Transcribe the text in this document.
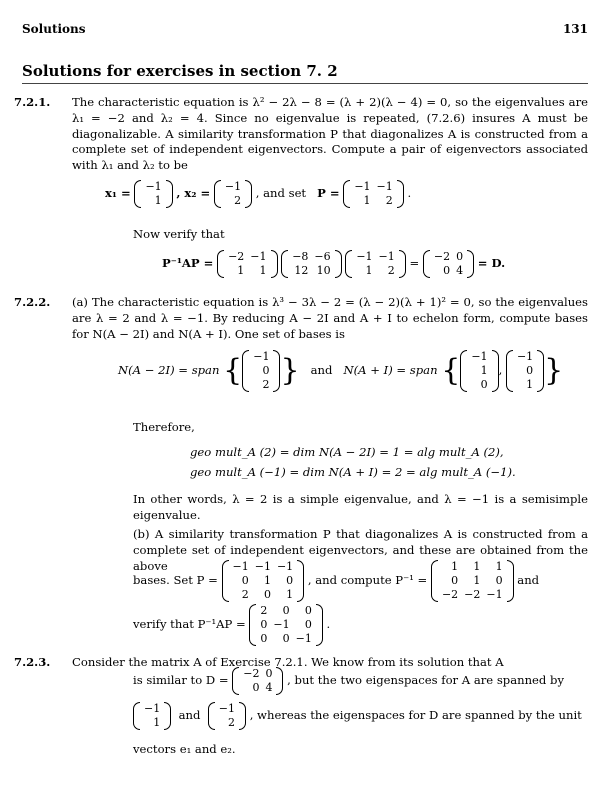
Solutions	131
Solutions for exercises in section 7. 2
7.2.1. The characteristic equation is λ² − 2λ − 8 = (λ + 2)(λ − 4) = 0, so the eigenvalues are λ₁ = −2 and λ₂ = 4. Since no eigenvalue is repeated, (7.2.6) insures A must be diagonalizable. A similarity transformation P that diagonalizes A is constructed from a complete set of independent eigenvectors. Compute a pair of eigenvectors associated with λ₁ and λ₂ to be
x₁ = −1
1
, x₂ = −1
2
, and set P = −1	−1
1	2
.
Now verify that
P⁻¹AP = −2	−1
1	1

−8	−6
12	10

−1	−1
1	2
= −2	0
0	4
= D.
7.2.2. (a) The characteristic equation is λ³ − 3λ − 2 = (λ − 2)(λ + 1)² = 0, so the eigenvalues are λ = 2 and λ = −1. By reducing A − 2I and A + I to echelon form, compute bases for N(A − 2I) and N(A + I). One set of bases is
N(A − 2I) = span { −1
0
2 } and N(A + I) = span { −1
1
0
,
−1
0
1 }
Therefore,
geo mult_A (2) = dim N(A − 2I) = 1 = alg mult_A (2),
geo mult_A (−1) = dim N(A + I) = 2 = alg mult_A (−1).
In other words, λ = 2 is a simple eigenvalue, and λ = −1 is a semisimple eigenvalue.
(b) A similarity transformation P that diagonalizes A is constructed from a complete set of independent eigenvectors, and these are obtained from the above
bases. Set P =
−1	−1	−1
0	1	0
2	0	1
, and compute P⁻¹ =
1	1	1
0	1	0
−2	−2	−1
and
verify that P⁻¹AP =
2	0	0
0	−1	0
0	0	−1
.
7.2.3. Consider the matrix A of Exercise 7.2.1. We know from its solution that A
is similar to D = −2	0
0	4
, but the two eigenspaces for A are spanned by
−1
1
and −1
2
, whereas the eigenspaces for D are spanned by the unit
vectors e₁ and e₂.
